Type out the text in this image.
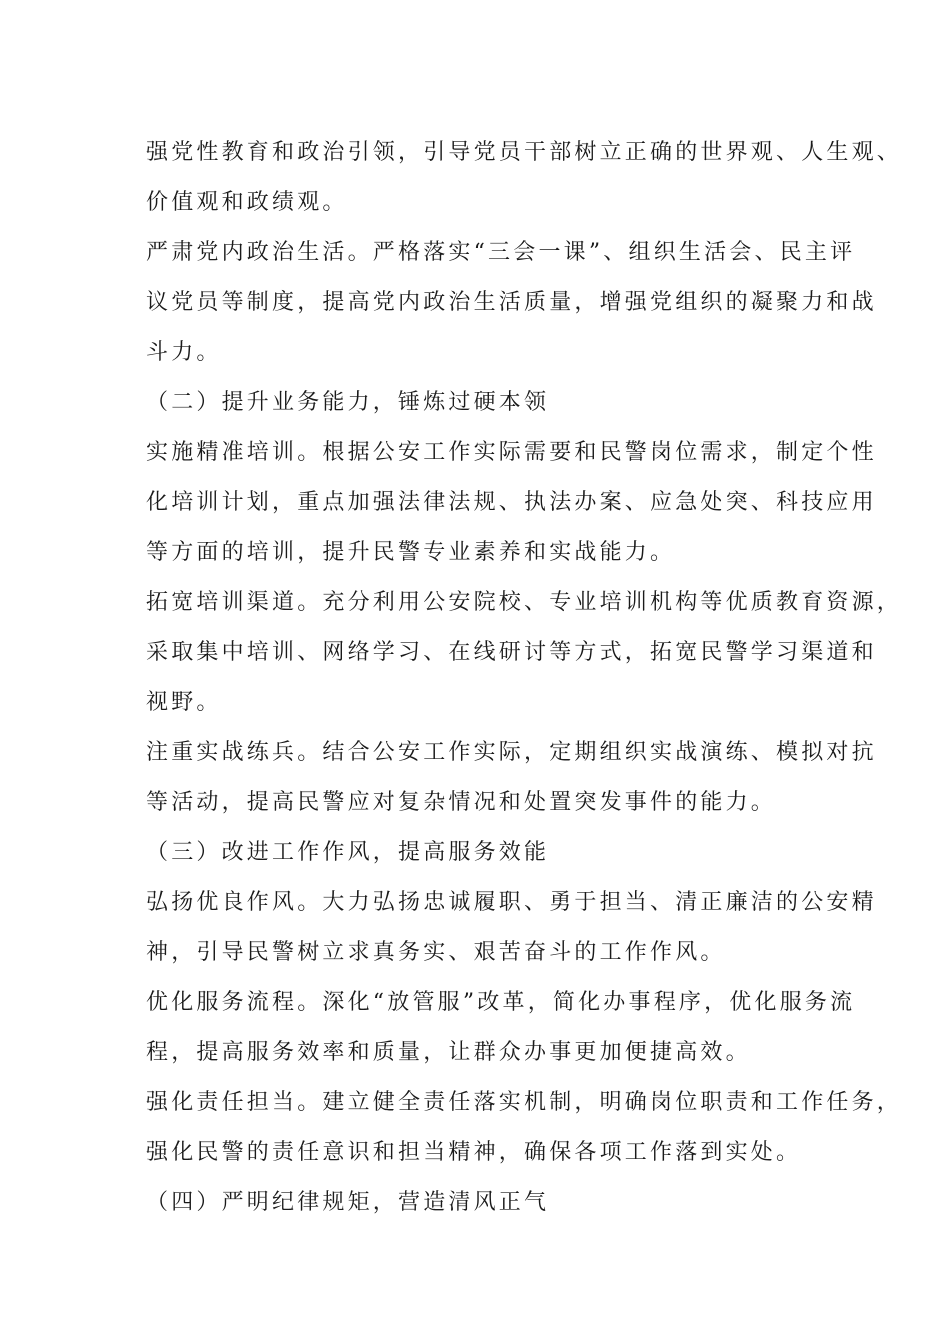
强党性教育和政治引领，引导党员干部树立正确的世界观、人生观、
价值观和政绩观。
严肃党内政治生活。严格落实“三会一课”、组织生活会、民主评
议党员等制度，提高党内政治生活质量，增强党组织的凝聚力和战
斗力。
（二）提升业务能力，锤炼过硬本领
实施精准培训。根据公安工作实际需要和民警岗位需求，制定个性
化培训计划，重点加强法律法规、执法办案、应急处突、科技应用
等方面的培训，提升民警专业素养和实战能力。
拓宽培训渠道。充分利用公安院校、专业培训机构等优质教育资源，
采取集中培训、网络学习、在线研讨等方式，拓宽民警学习渠道和
视野。
注重实战练兵。结合公安工作实际，定期组织实战演练、模拟对抗
等活动，提高民警应对复杂情况和处置突发事件的能力。
（三）改进工作作风，提高服务效能
弘扬优良作风。大力弘扬忠诚履职、勇于担当、清正廉洁的公安精
神，引导民警树立求真务实、艰苦奋斗的工作作风。
优化服务流程。深化“放管服”改革，简化办事程序，优化服务流
程，提高服务效率和质量，让群众办事更加便捷高效。
强化责任担当。建立健全责任落实机制，明确岗位职责和工作任务，
强化民警的责任意识和担当精神，确保各项工作落到实处。
（四）严明纪律规矩，营造清风正气
